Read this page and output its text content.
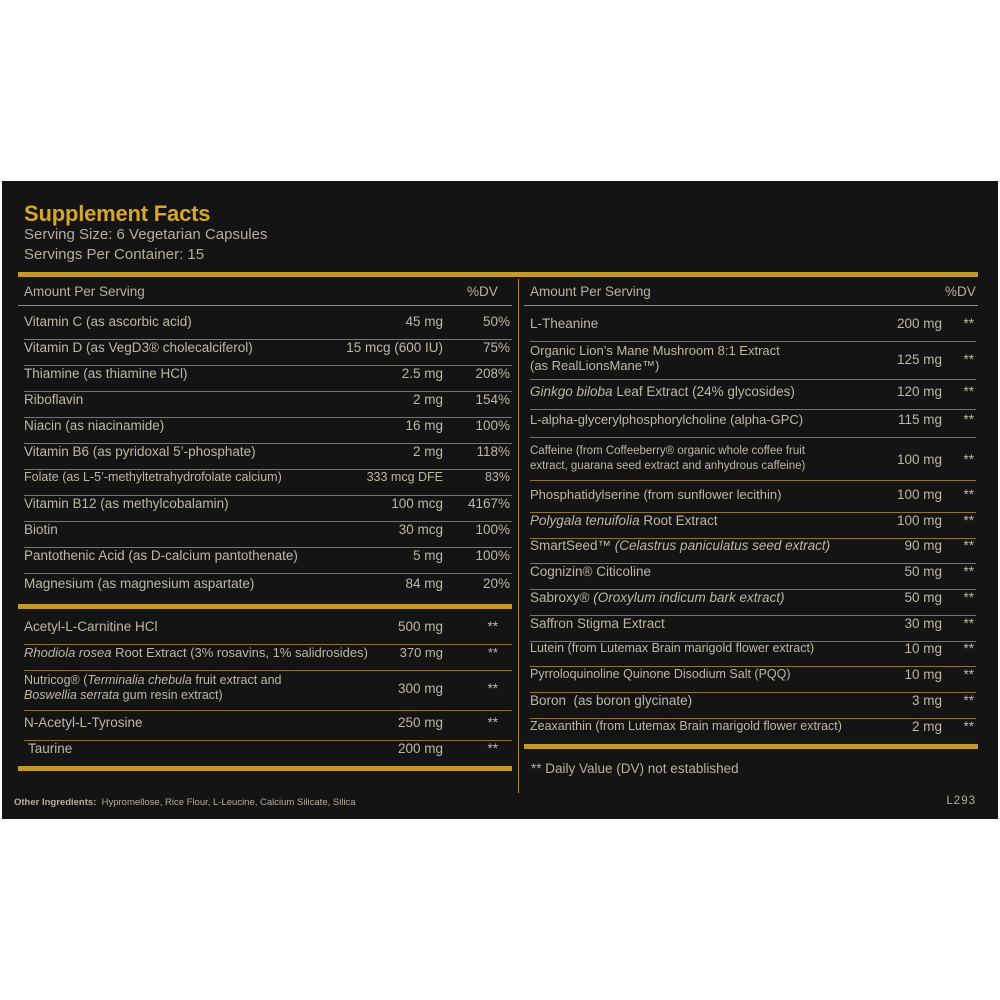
Supplement Facts
Serving Size: 6 Vegetarian Capsules
Servings Per Container: 15
Amount Per Serving	%DV Amount Per Serving	%DV
Vitamin C (as ascorbic acid)	45 mg	50%
Vitamin D (as VegD3® cholecalciferol)	15 mcg (600 IU)	75%
Thiamine (as thiamine HCl)	2.5 mg 208%
Riboflavin	2 mg 154%
Niacin (as niacinamide)	16 mg 100%
Vitamin B6 (as pyridoxal 5’-phosphate)	2 mg 118%
Folate (as L-5’-methyltetrahydrofolate calcium)	333 mcg DFE	83%
Vitamin B12 (as methylcobalamin)	100 mcg 4167%
Biotin	30 mcg 100%
Pantothenic Acid (as D-calcium pantothenate)	5 mg 100%
Magnesium (as magnesium aspartate)	84 mg	20%
Acetyl-L-Carnitine HCl	500 mg	**
Rhodiola rosea Root Extract (3% rosavins, 1% salidrosides) 370 mg	**
Nutricog® (Terminalia chebula fruit extract and
Boswellia serrata gum resin extract)	300 mg	**
N-Acetyl-L-Tyrosine	250 mg	**
Taurine	200 mg	**
L-Theanine	200 mg **
Organic Lion’s Mane Mushroom 8:1 Extract
(as RealLionsMane™)	125 mg **
Ginkgo biloba Leaf Extract (24% glycosides)	120 mg **
L-alpha-glycerylphosphorylcholine (alpha-GPC)	115 mg **
Caffeine (from Coffeeberry® organic whole coffee fruit
extract, guarana seed extract and anhydrous caffeine)	100 mg **
Phosphatidylserine (from sunflower lecithin)	100 mg **
Polygala tenuifolia Root Extract	100 mg **
SmartSeed™ (Celastrus paniculatus seed extract)	90 mg **
Cognizin® Citicoline	50 mg **
Sabroxy® (Oroxylum indicum bark extract)	50 mg **
Saffron Stigma Extract	30 mg **
Lutein (from Lutemax Brain marigold flower extract)	10 mg **
Pyrroloquinoline Quinone Disodium Salt (PQQ)	10 mg **
Boron  (as boron glycinate)	3 mg **
Zeaxanthin (from Lutemax Brain marigold flower extract)	2 mg **
** Daily Value (DV) not established
Other Ingredients: Hypromellose, Rice Flour, L-Leucine, Calcium Silicate, Silica	L293
